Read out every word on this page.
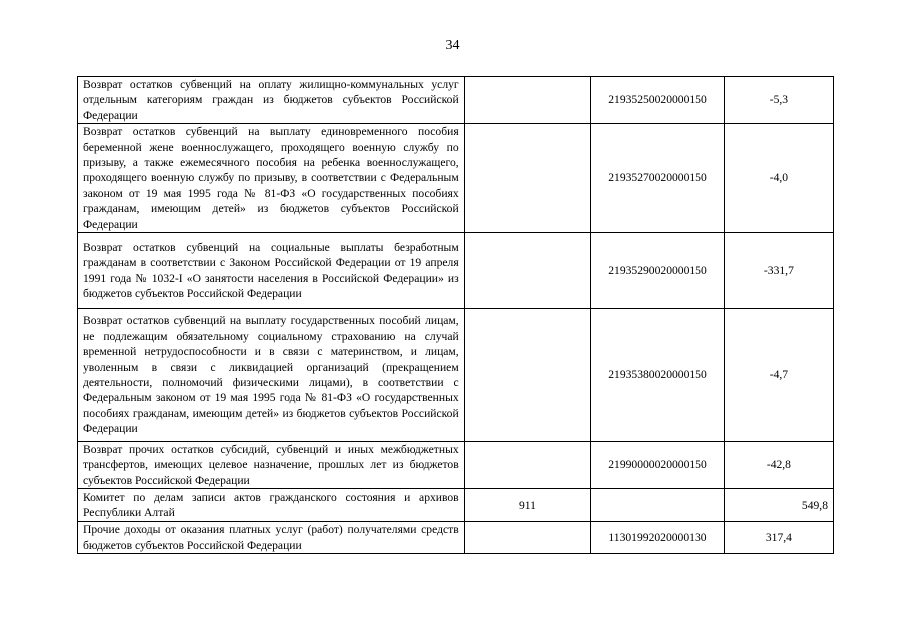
34
Возврат остатков субвенций на оплату жилищно-коммунальных услуг отдельным категориям граждан из бюджетов субъектов Российской Федерации		21935250020000150	-5,3
Возврат остатков субвенций на выплату единовременного пособия беременной жене военнослужащего, проходящего военную службу по призыву, а также ежемесячного пособия на ребенка военнослужащего, проходящего военную службу по призыву, в соответствии с Федеральным законом от 19 мая 1995 года № 81-ФЗ «О государственных пособиях гражданам, имеющим детей» из бюджетов субъектов Российской Федерации		21935270020000150	-4,0
Возврат остатков субвенций на социальные выплаты безработным гражданам в соответствии с Законом Российской Федерации от 19 апреля 1991 года № 1032-I «О занятости населения в Российской Федерации» из бюджетов субъектов Российской Федерации		21935290020000150	-331,7
Возврат остатков субвенций на выплату государственных пособий лицам, не подлежащим обязательному социальному страхованию на случай временной нетрудоспособности и в связи с материнством, и лицам, уволенным в связи с ликвидацией организаций (прекращением деятельности, полномочий физическими лицами), в соответствии с Федеральным законом от 19 мая 1995 года № 81-ФЗ «О государственных пособиях гражданам, имеющим детей» из бюджетов субъектов Российской Федерации		21935380020000150	-4,7
Возврат прочих остатков субсидий, субвенций и иных межбюджетных трансфертов, имеющих целевое назначение, прошлых лет из бюджетов субъектов Российской Федерации		21990000020000150	-42,8
Комитет по делам записи актов гражданского состояния и архивов Республики Алтай	911		549,8
Прочие доходы от оказания платных услуг (работ) получателями средств бюджетов субъектов Российской Федерации		11301992020000130	317,4
